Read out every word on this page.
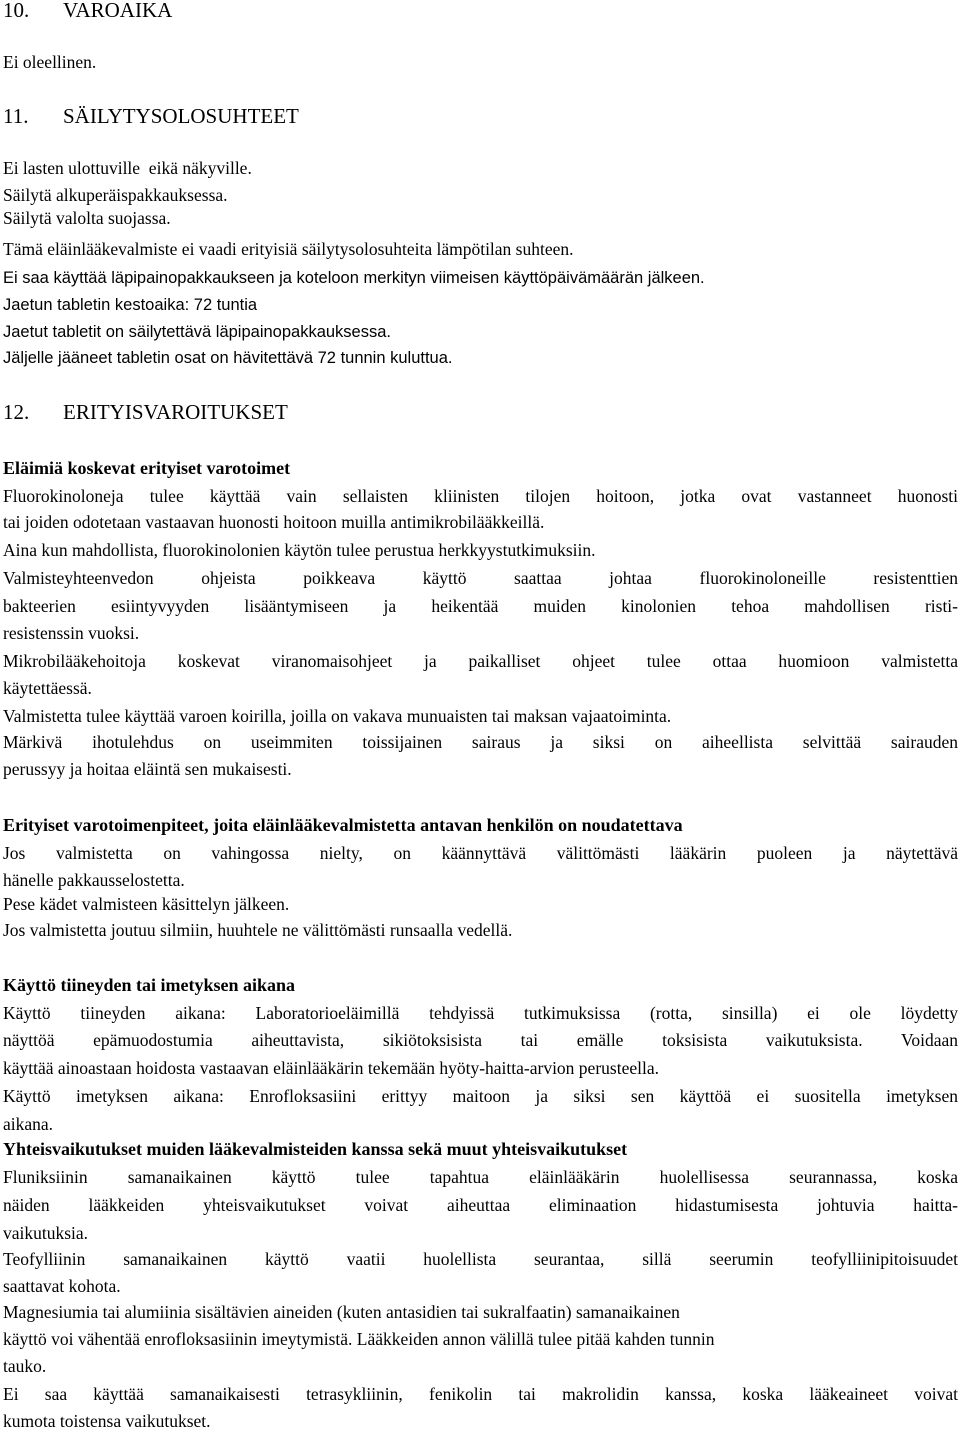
10. VAROAIKA
Ei oleellinen.
11. SÄILYTYSOLOSUHTEET
Ei lasten ulottuville  eikä näkyville.
Säilytä alkuperäispakkauksessa.
Säilytä valolta suojassa.
Tämä eläinlääkevalmiste ei vaadi erityisiä säilytysolosuhteita lämpötilan suhteen.
Ei saa käyttää läpipainopakkaukseen ja koteloon merkityn viimeisen käyttöpäivämäärän jälkeen.
Jaetun tabletin kestoaika: 72 tuntia
Jaetut tabletit on säilytettävä läpipainopakkauksessa.
Jäljelle jääneet tabletin osat on hävitettävä 72 tunnin kuluttua.
12. ERITYISVAROITUKSET
Eläimiä koskevat erityiset varotoimet
Fluorokinoloneja tulee käyttää vain sellaisten kliinisten tilojen hoitoon, jotka ovat vastanneet huonosti
tai joiden odotetaan vastaavan huonosti hoitoon muilla antimikrobilääkkeillä.
Aina kun mahdollista, fluorokinolonien käytön tulee perustua herkkyystutkimuksiin.
Valmisteyhteenvedon ohjeista poikkeava käyttö saattaa johtaa fluorokinoloneille resistenttien
bakteerien esiintyvyyden lisääntymiseen ja heikentää muiden kinolonien tehoa mahdollisen risti-
resistenssin vuoksi.
Mikrobilääkehoitoja koskevat viranomaisohjeet ja paikalliset ohjeet tulee ottaa huomioon valmistetta
käytettäessä.
Valmistetta tulee käyttää varoen koirilla, joilla on vakava munuaisten tai maksan vajaatoiminta.
Märkivä ihotulehdus on useimmiten toissijainen sairaus ja siksi on aiheellista selvittää sairauden
perussyy ja hoitaa eläintä sen mukaisesti.
Erityiset varotoimenpiteet, joita eläinlääkevalmistetta antavan henkilön on noudatettava
Jos valmistetta on vahingossa nielty, on käännyttävä välittömästi lääkärin puoleen ja näytettävä
hänelle pakkausselostetta.
Pese kädet valmisteen käsittelyn jälkeen.
Jos valmistetta joutuu silmiin, huuhtele ne välittömästi runsaalla vedellä.
Käyttö tiineyden tai imetyksen aikana
Käyttö tiineyden aikana: Laboratorioeläimillä tehdyissä tutkimuksissa (rotta, sinsilla) ei ole löydetty
näyttöä epämuodostumia aiheuttavista, sikiötoksisista tai emälle toksisista vaikutuksista. Voidaan
käyttää ainoastaan hoidosta vastaavan eläinlääkärin tekemään hyöty-haitta-arvion perusteella.
Käyttö imetyksen aikana: Enrofloksasiini erittyy maitoon ja siksi sen käyttöä ei suositella imetyksen
aikana.
Yhteisvaikutukset muiden lääkevalmisteiden kanssa sekä muut yhteisvaikutukset
Fluniksiinin samanaikainen käyttö tulee tapahtua eläinlääkärin huolellisessa seurannassa, koska
näiden lääkkeiden yhteisvaikutukset voivat aiheuttaa eliminaation hidastumisesta johtuvia haitta-
vaikutuksia.
Teofylliinin samanaikainen käyttö vaatii huolellista seurantaa, sillä seerumin teofylliinipitoisuudet
saattavat kohota.
Magnesiumia tai alumiinia sisältävien aineiden (kuten antasidien tai sukralfaatin) samanaikainen
käyttö voi vähentää enrofloksasiinin imeytymistä. Lääkkeiden annon välillä tulee pitää kahden tunnin
tauko.
Ei saa käyttää samanaikaisesti tetrasykliinin, fenikolin tai makrolidin kanssa, koska lääkeaineet voivat
kumota toistensa vaikutukset.
